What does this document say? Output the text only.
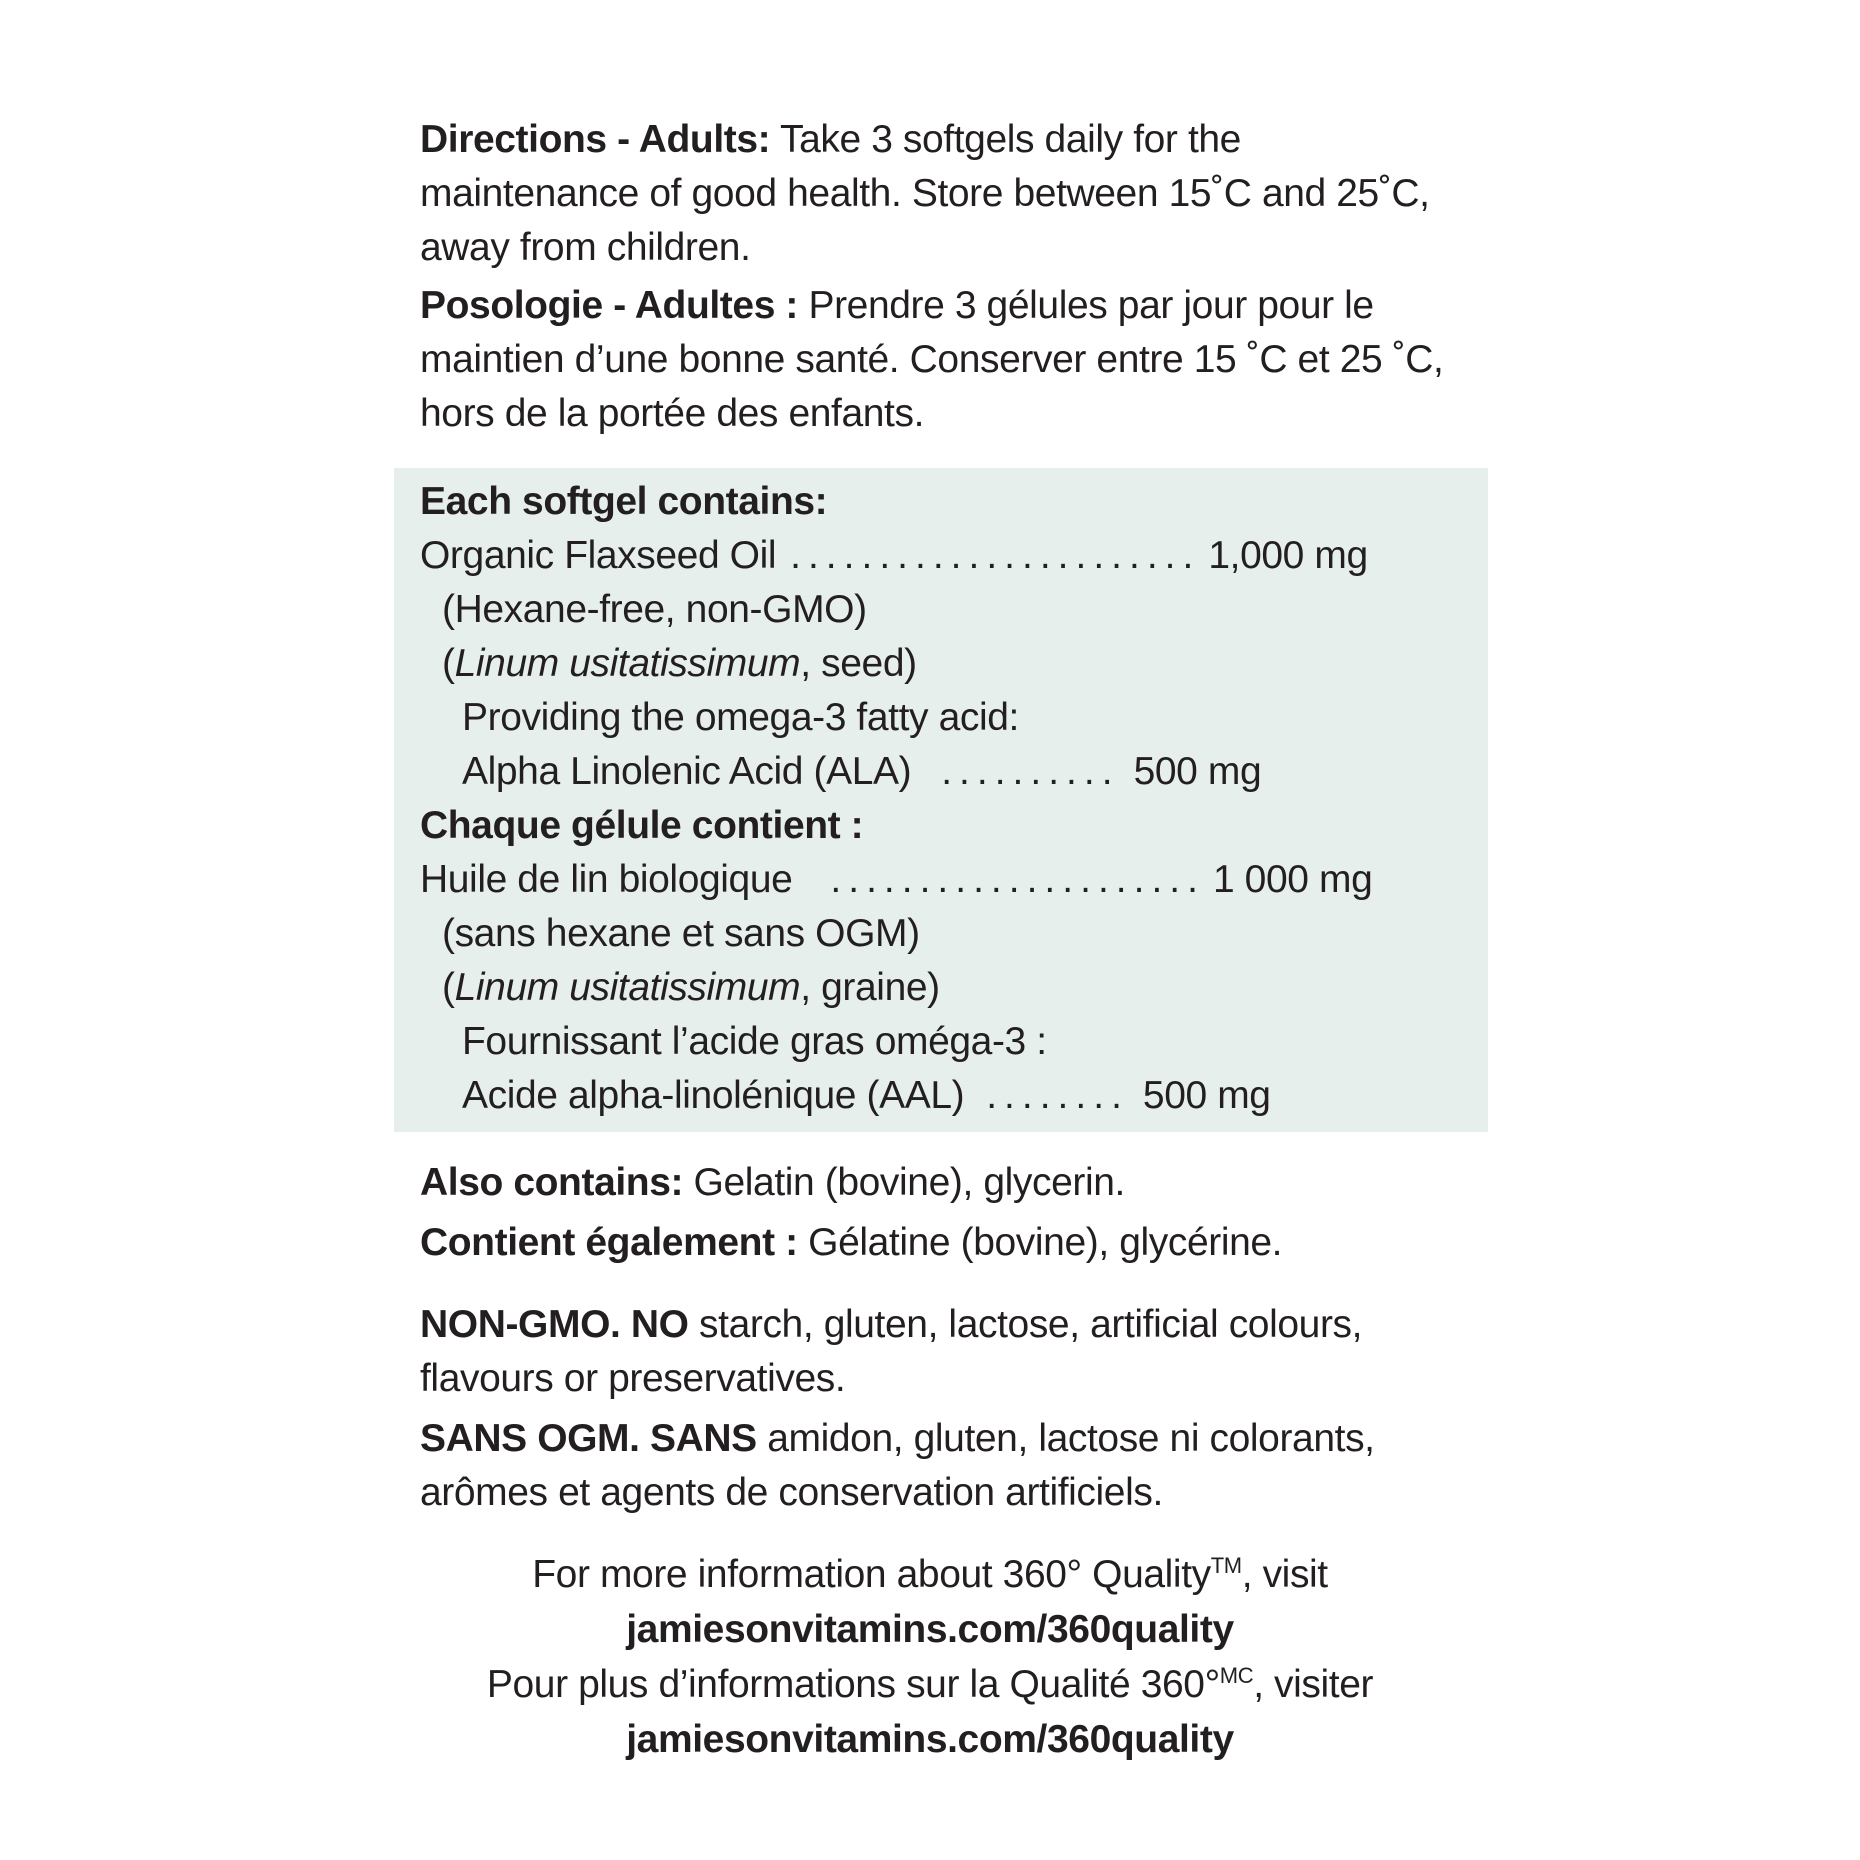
Directions - Adults: Take 3 softgels daily for the
maintenance of good health. Store between 15˚C and 25˚C,
away from children.
Posologie - Adultes : Prendre 3 gélules par jour pour le
maintien d’une bonne santé. Conserver entre 15 ˚C et 25 ˚C,
hors de la portée des enfants.
Each softgel contains:
Organic Flaxseed Oil ....................... 1,000 mg
(Hexane-free, non-GMO)
(Linum usitatissimum, seed)
Providing the omega-3 fatty acid:
Alpha Linolenic Acid (ALA) .......... 500 mg
Chaque gélule contient :
Huile de lin biologique ..................... 1 000 mg
(sans hexane et sans OGM)
(Linum usitatissimum, graine)
Fournissant l’acide gras oméga-3 :
Acide alpha-linolénique (AAL) ........ 500 mg
Also contains: Gelatin (bovine), glycerin.
Contient également : Gélatine (bovine), glycérine.
NON-GMO. NO starch, gluten, lactose, artificial colours,
flavours or preservatives.
SANS OGM. SANS amidon, gluten, lactose ni colorants,
arômes et agents de conservation artificiels.
For more information about 360° Quality™, visit
jamiesonvitamins.com/360quality
Pour plus d’informations sur la Qualité 360°$^{MC}$, visiter
jamiesonvitamins.com/360quality
